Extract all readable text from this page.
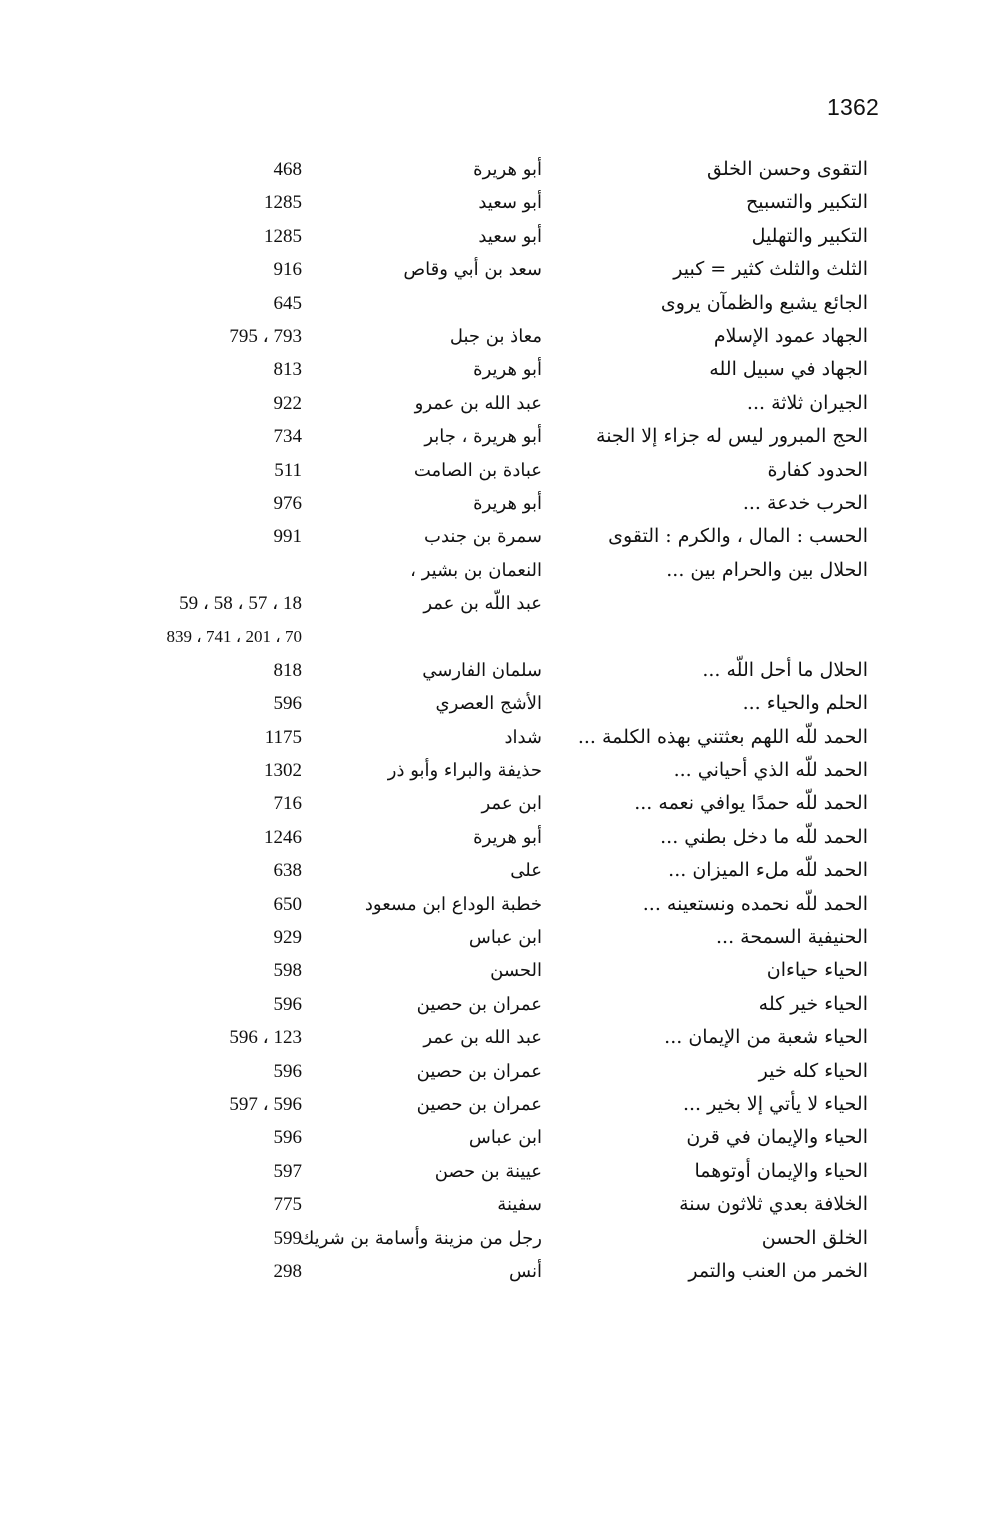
1362
التقوى وحسن الخلق
أبو هريرة
468
التكبير والتسبيح
أبو سعيد
1285
التكبير والتهليل
أبو سعيد
1285
الثلث والثلث كثير = كبير
سعد بن أبي وقاص
916
الجائع يشبع والظمآن يروى
645
الجهاد عمود الإسلام
معاذ بن جبل
793 ، 795
الجهاد في سبيل الله
أبو هريرة
813
الجيران ثلاثة ...
عبد الله بن عمرو
922
الحج المبرور ليس له جزاء إلا الجنة
أبو هريرة ، جابر
734
الحدود كفارة
عبادة بن الصامت
511
الحرب خدعة ...
أبو هريرة
976
الحسب : المال ، والكرم : التقوى
سمرة بن جندب
991
الحلال بين والحرام بين ...
النعمان بن بشير ،
عبد اللّه بن عمر
18 ، 57 ، 58 ، 59
70 ، 201 ، 741 ، 839
الحلال ما أحل اللّه ...
سلمان الفارسي
818
الحلم والحياء ...
الأشج العصري
596
الحمد للّه اللهم بعثتني بهذه الكلمة ...
شداد
1175
الحمد للّه الذي أحياني ...
حذيفة والبراء وأبو ذر
1302
الحمد للّه حمدًا يوافي نعمه ...
ابن عمر
716
الحمد للّه ما دخل بطني ...
أبو هريرة
1246
الحمد للّه ملء الميزان ...
على
638
الحمد للّه نحمده ونستعينه ...
خطبة الوداع ابن مسعود
650
الحنيفية السمحة ...
ابن عباس
929
الحياء حياءان
الحسن
598
الحياء خير كله
عمران بن حصين
596
الحياء شعبة من الإيمان ...
عبد الله بن عمر
123 ، 596
الحياء كله خير
عمران بن حصين
596
الحياء لا يأتي إلا بخير ...
عمران بن حصين
596 ، 597
الحياء والإيمان في قرن
ابن عباس
596
الحياء والإيمان أوتوهما
عيينة بن حصن
597
الخلافة بعدي ثلاثون سنة
سفينة
775
الخلق الحسن
رجل من مزينة وأسامة بن شريك
599
الخمر من العنب والتمر
أنس
298
